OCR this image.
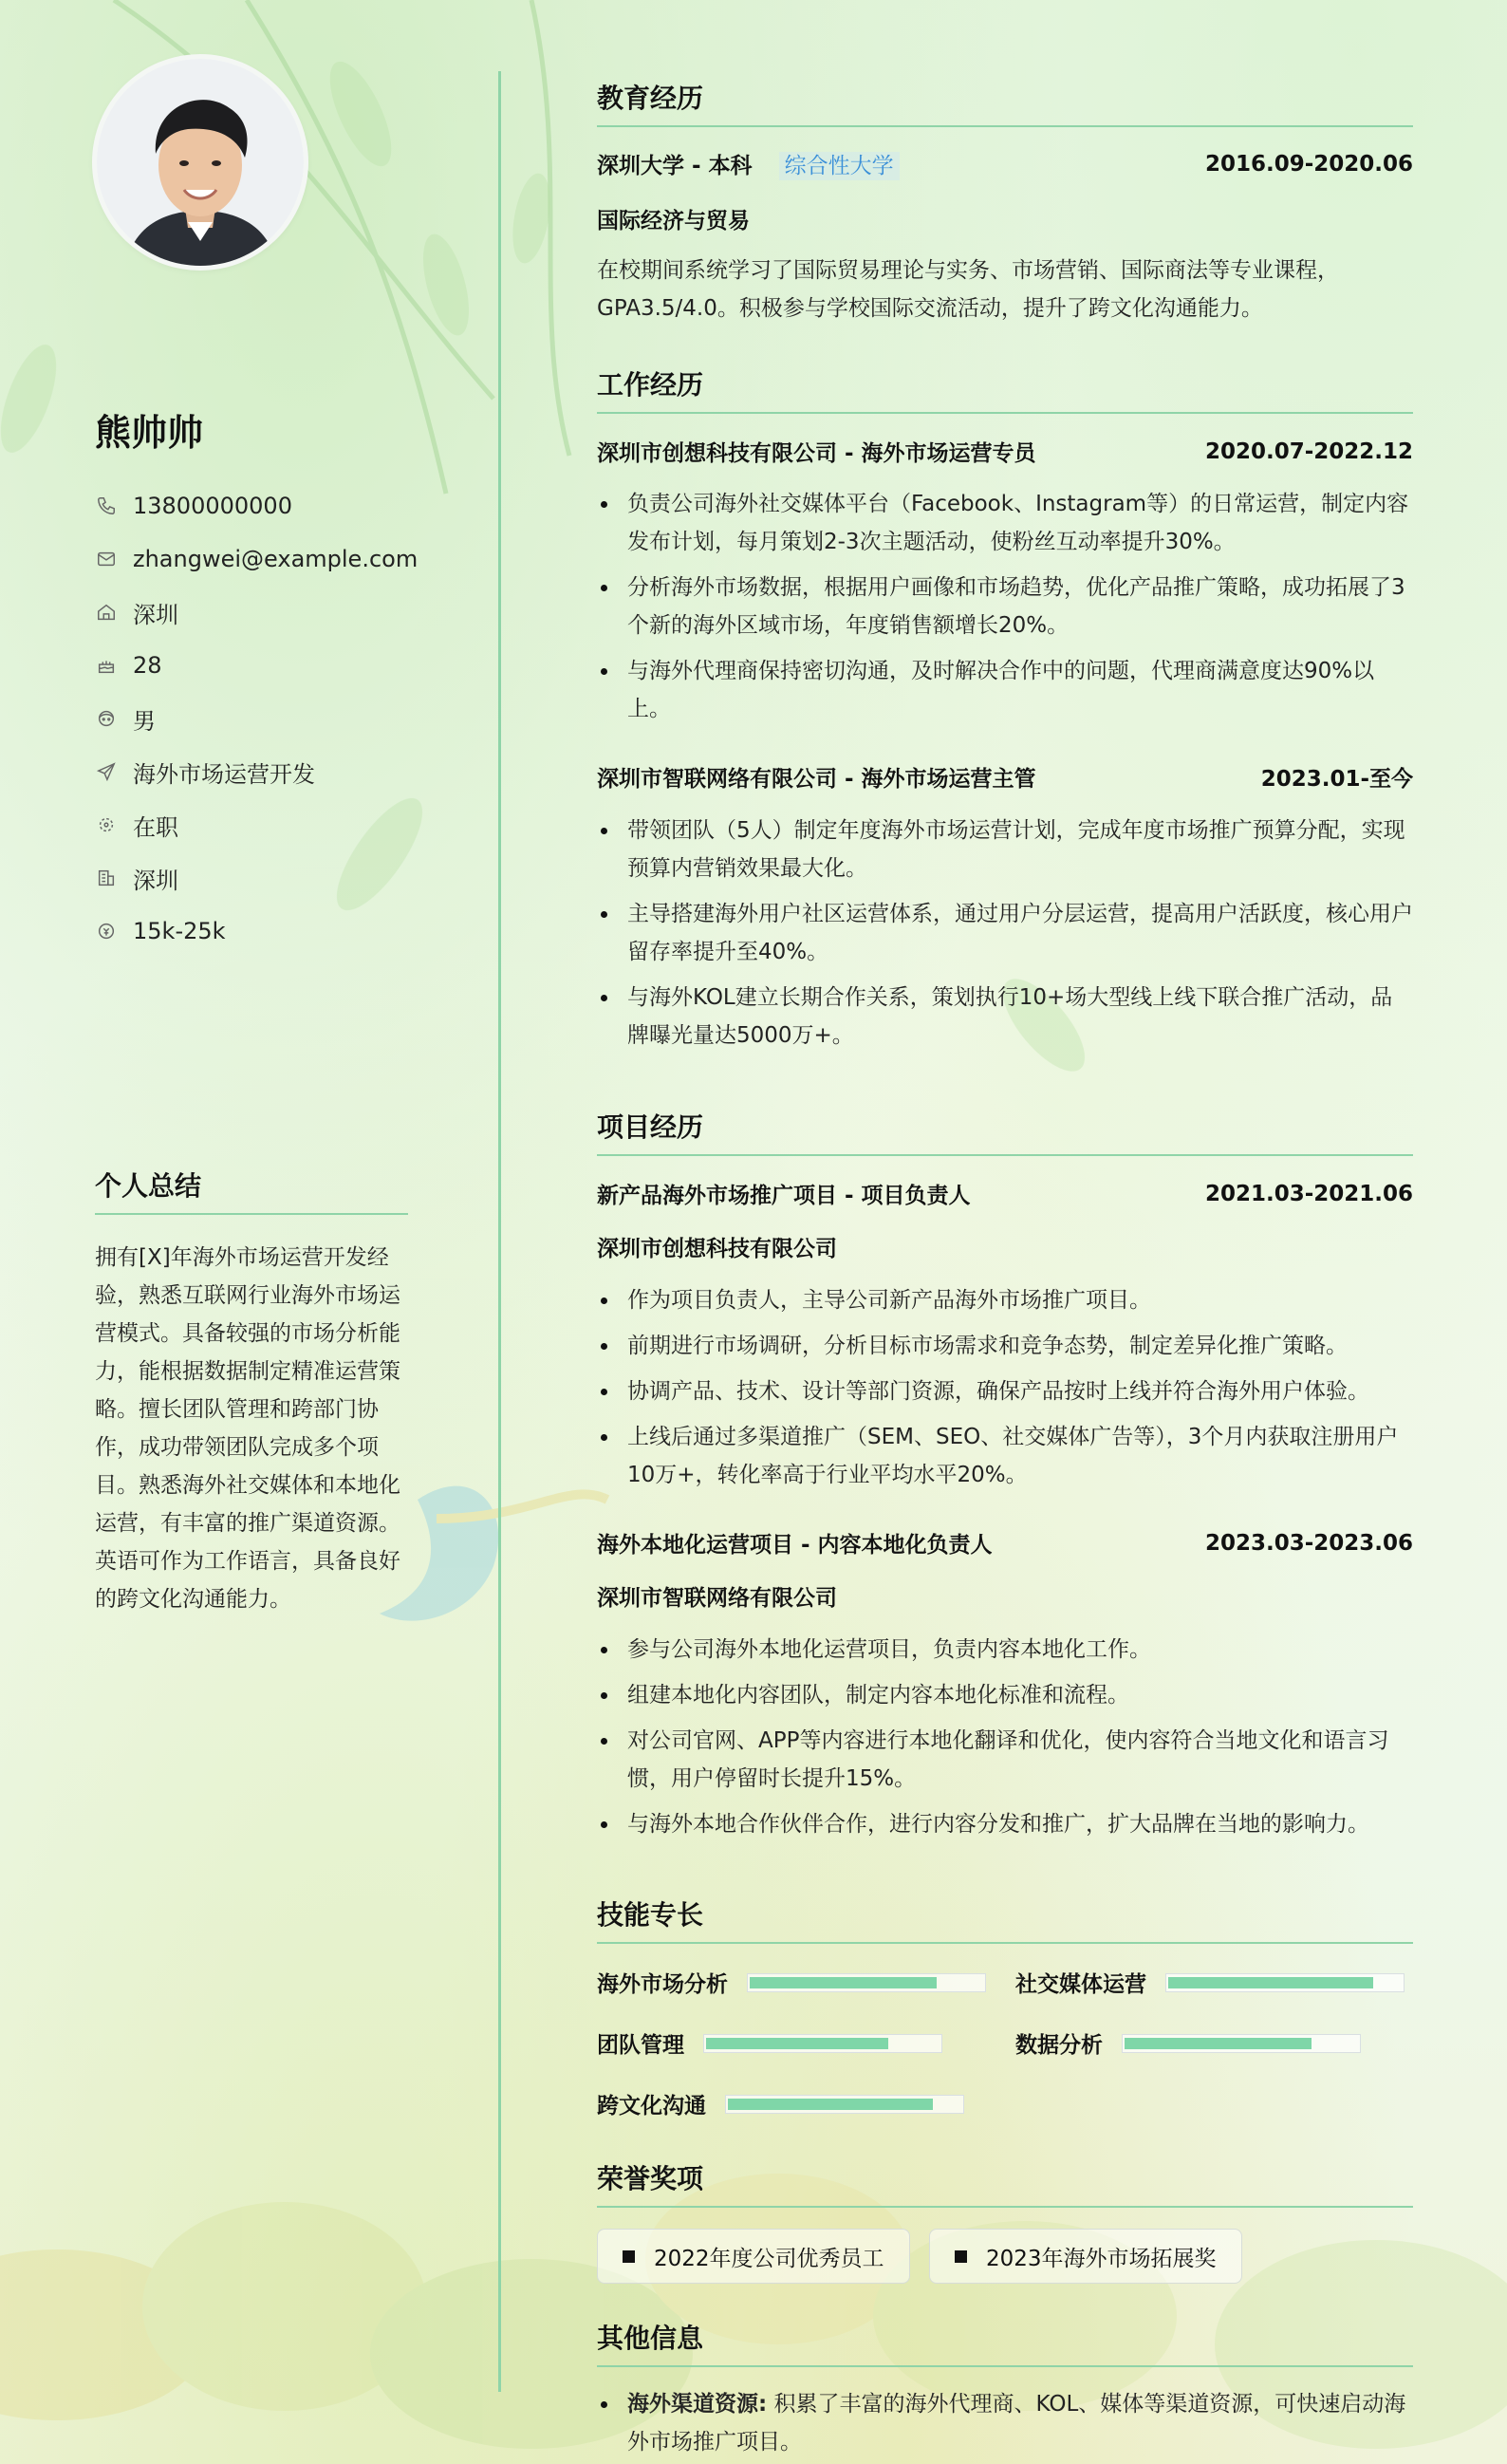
熊帅帅
13800000000
zhangwei@example.com
深圳
28
男
海外市场运营开发
在职
深圳
15k-25k
个人总结
拥有[X]年海外市场运营开发经验，熟悉互联网行业海外市场运营模式。具备较强的市场分析能力，能根据数据制定精准运营策略。擅长团队管理和跨部门协作，成功带领团队完成多个项目。熟悉海外社交媒体和本地化运营，有丰富的推广渠道资源。英语可作为工作语言，具备良好的跨文化沟通能力。
教育经历
深圳大学 - 本科 综合性大学	2016.09-2020.06
国际经济与贸易
在校期间系统学习了国际贸易理论与实务、市场营销、国际商法等专业课程，GPA3.5/4.0。积极参与学校国际交流活动，提升了跨文化沟通能力。
工作经历
深圳市创想科技有限公司 - 海外市场运营专员	2020.07-2022.12
负责公司海外社交媒体平台（Facebook、Instagram等）的日常运营，制定内容发布计划，每月策划2-3次主题活动，使粉丝互动率提升30%。
分析海外市场数据，根据用户画像和市场趋势，优化产品推广策略，成功拓展了3个新的海外区域市场，年度销售额增长20%。
与海外代理商保持密切沟通，及时解决合作中的问题，代理商满意度达90%以上。
深圳市智联网络有限公司 - 海外市场运营主管	2023.01-至今
带领团队（5人）制定年度海外市场运营计划，完成年度市场推广预算分配，实现预算内营销效果最大化。
主导搭建海外用户社区运营体系，通过用户分层运营，提高用户活跃度，核心用户留存率提升至40%。
与海外KOL建立长期合作关系，策划执行10+场大型线上线下联合推广活动，品牌曝光量达5000万+。
项目经历
新产品海外市场推广项目 - 项目负责人	2021.03-2021.06
深圳市创想科技有限公司
作为项目负责人，主导公司新产品海外市场推广项目。
前期进行市场调研，分析目标市场需求和竞争态势，制定差异化推广策略。
协调产品、技术、设计等部门资源，确保产品按时上线并符合海外用户体验。
上线后通过多渠道推广（SEM、SEO、社交媒体广告等），3个月内获取注册用户10万+，转化率高于行业平均水平20%。
海外本地化运营项目 - 内容本地化负责人	2023.03-2023.06
深圳市智联网络有限公司
参与公司海外本地化运营项目，负责内容本地化工作。
组建本地化内容团队，制定内容本地化标准和流程。
对公司官网、APP等内容进行本地化翻译和优化，使内容符合当地文化和语言习惯，用户停留时长提升15%。
与海外本地合作伙伴合作，进行内容分发和推广，扩大品牌在当地的影响力。
技能专长
海外市场分析	社交媒体运营
团队管理	数据分析
跨文化沟通
荣誉奖项
2022年度公司优秀员工	2023年海外市场拓展奖
其他信息
海外渠道资源: 积累了丰富的海外代理商、KOL、媒体等渠道资源，可快速启动海外市场推广项目。
